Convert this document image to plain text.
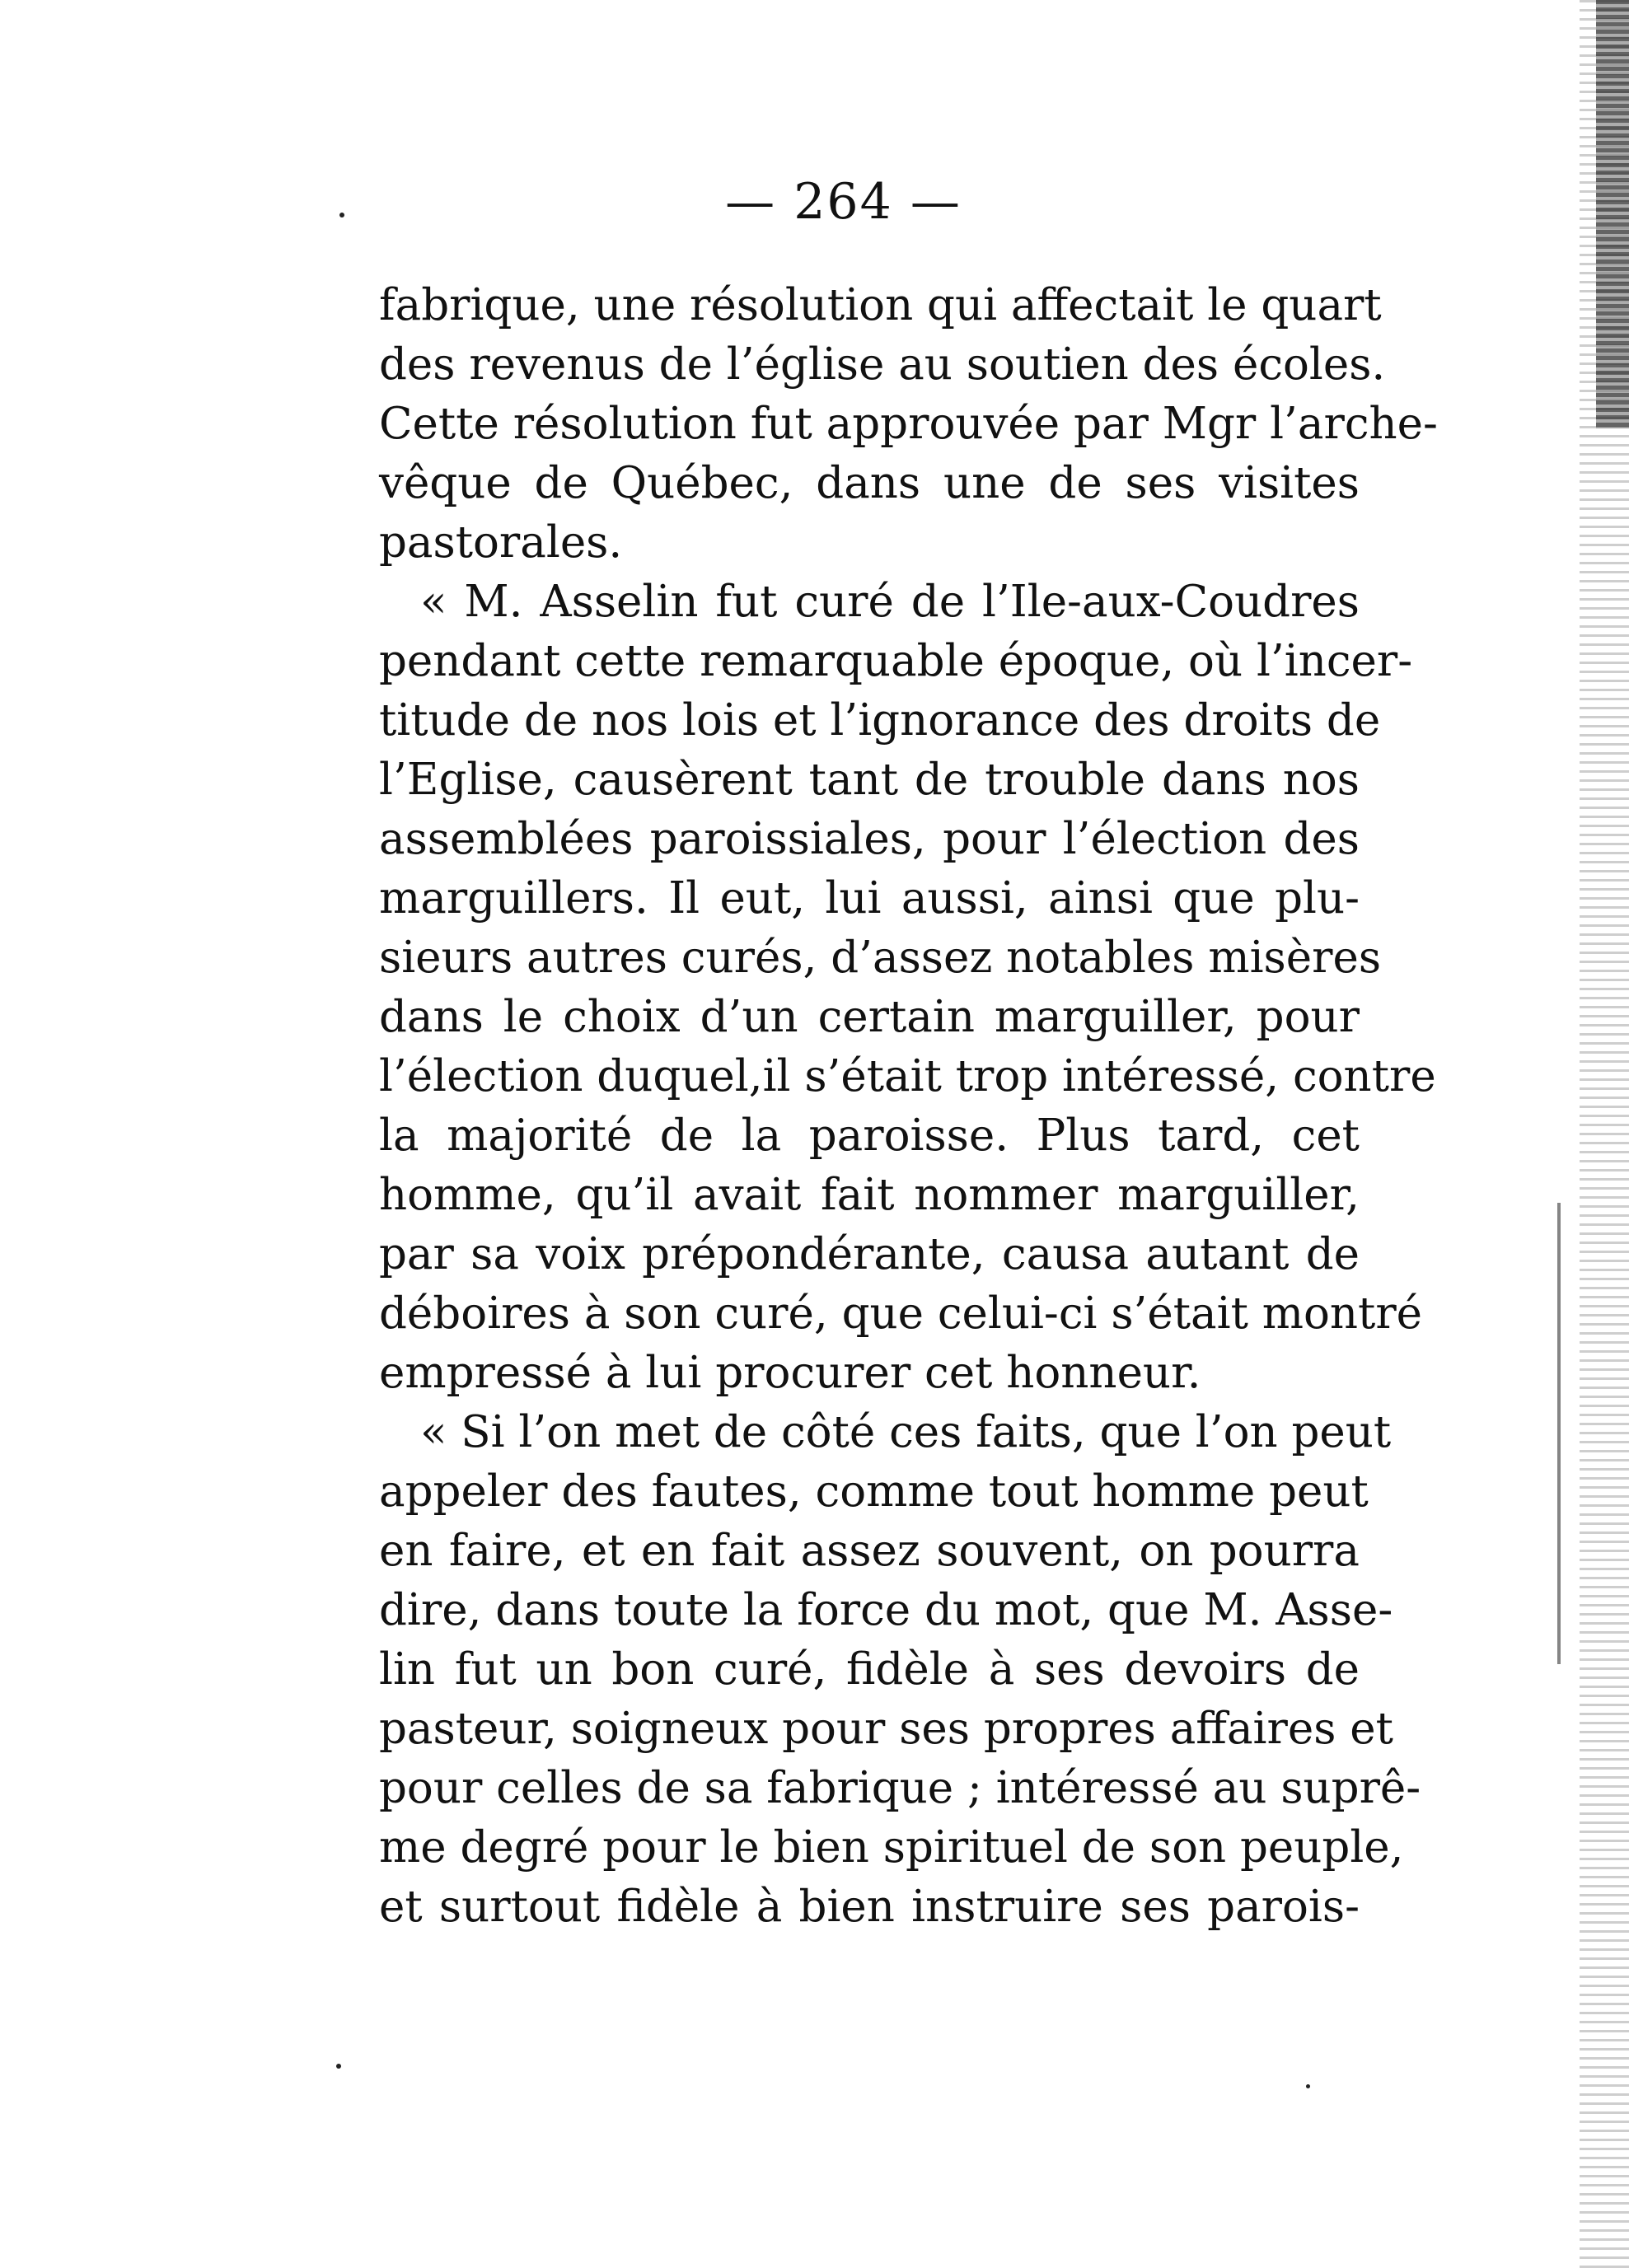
— 264 —
fabrique, une résolution qui affectait le quart
des revenus de l’église au soutien des écoles.
Cette résolution fut approuvée par Mgr l’arche-
vêque de Québec, dans une de ses visites
pastorales.
« M. Asselin fut curé de l’Ile-aux-Coudres
pendant cette remarquable époque, où l’incer-
titude de nos lois et l’ignorance des droits de
l’Eglise, causèrent tant de trouble dans nos
assemblées paroissiales, pour l’élection des
marguillers. Il eut, lui aussi, ainsi que plu-
sieurs autres curés, d’assez notables misères
dans le choix d’un certain marguiller, pour
l’élection duquel,il s’était trop intéressé, contre
la majorité de la paroisse. Plus tard, cet
homme, qu’il avait fait nommer marguiller,
par sa voix prépondérante, causa autant de
déboires à son curé, que celui-ci s’était montré
empressé à lui procurer cet honneur.
« Si l’on met de côté ces faits, que l’on peut
appeler des fautes, comme tout homme peut
en faire, et en fait assez souvent, on pourra
dire, dans toute la force du mot, que M. Asse-
lin fut un bon curé, fidèle à ses devoirs de
pasteur, soigneux pour ses propres affaires et
pour celles de sa fabrique ; intéressé au suprê-
me degré pour le bien spirituel de son peuple,
et surtout fidèle à bien instruire ses parois-
